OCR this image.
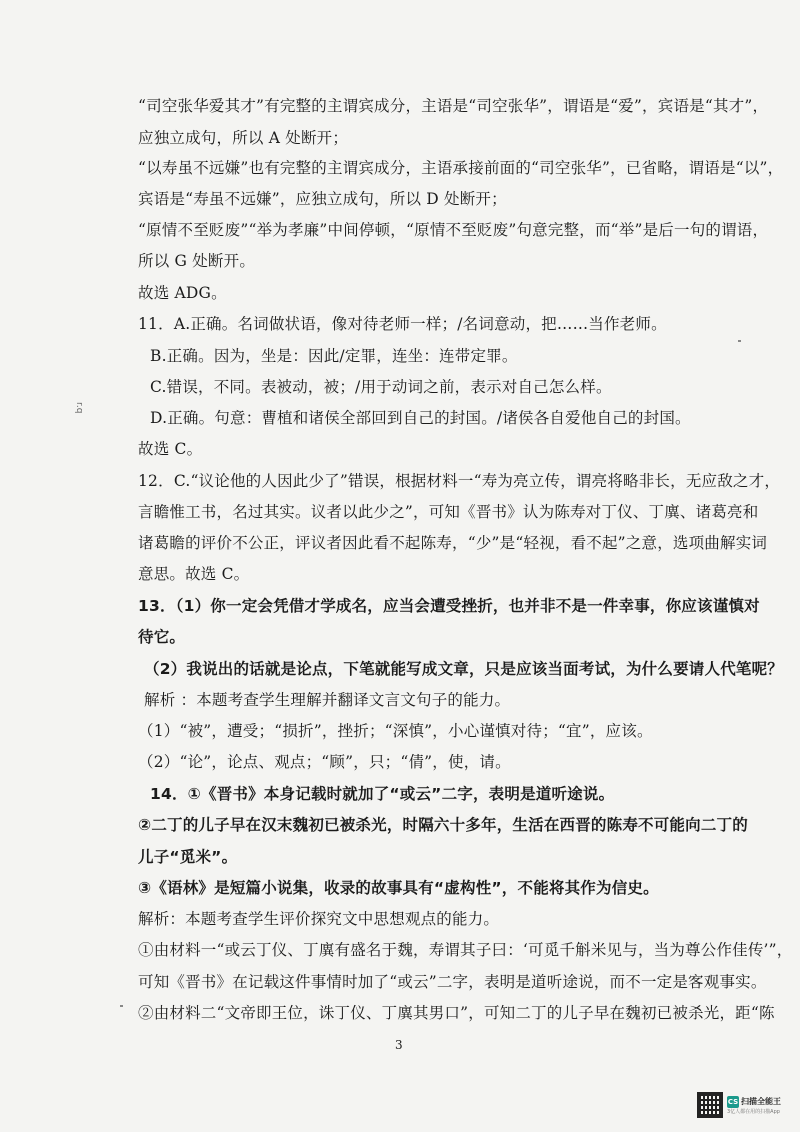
“司空张华爱其才”有完整的主谓宾成分，主语是“司空张华”，谓语是“爱”，宾语是“其才”，
应独立成句，所以 A 处断开；
“以寿虽不远嫌”也有完整的主谓宾成分，主语承接前面的“司空张华”，已省略，谓语是“以”，
宾语是“寿虽不远嫌”，应独立成句，所以 D 处断开；
“原情不至贬废”“举为孝廉”中间停顿，“原情不至贬废”句意完整，而“举”是后一句的谓语，
所以 G 处断开。
故选 ADG。
11．A.正确。名词做状语，像对待老师一样；/名词意动，把……当作老师。
B.正确。因为，坐是：因此/定罪，连坐：连带定罪。
C.错误，不同。表被动，被；/用于动词之前，表示对自己怎么样。
D.正确。句意：曹植和诸侯全部回到自己的封国。/诸侯各自爱他自己的封国。
故选 C。
12．C.“议论他的人因此少了”错误，根据材料一“寿为亮立传，谓亮将略非长，无应敌之才，
言瞻惟工书，名过其实。议者以此少之”，可知《晋书》认为陈寿对丁仪、丁廙、诸葛亮和
诸葛瞻的评价不公正，评议者因此看不起陈寿，“少”是“轻视，看不起”之意，选项曲解实词
意思。故选 C。
13．（1）你一定会凭借才学成名，应当会遭受挫折，也并非不是一件幸事，你应该谨慎对
待它。
（2）我说出的话就是论点，下笔就能写成文章，只是应该当面考试，为什么要请人代笔呢？
解析 ：本题考查学生理解并翻译文言文句子的能力。
（1）“被”，遭受；“损折”，挫折；“深慎”，小心谨慎对待；“宜”，应该。
（2）“论”，论点、观点；“顾”，只；“倩”，使，请。
14．①《晋书》本身记载时就加了“或云”二字，表明是道听途说。
②二丁的儿子早在汉末魏初已被杀光，时隔六十多年，生活在西晋的陈寿不可能向二丁的
儿子“觅米”。
③《语林》是短篇小说集，收录的故事具有“虚构性”，不能将其作为信史。
解析：本题考查学生评价探究文中思想观点的能力。
①由材料一“或云丁仪、丁廙有盛名于魏，寿谓其子曰：‘可觅千斛米见与，当为尊公作佳传’”，
可知《晋书》在记载这件事情时加了“或云”二字，表明是道听途说，而不一定是客观事实。
②由材料二“文帝即王位，诛丁仪、丁廙其男口”，可知二丁的儿子早在魏初已被杀光，距“陈
3
r.q
CS 扫描全能王
3亿人都在用的扫描App
